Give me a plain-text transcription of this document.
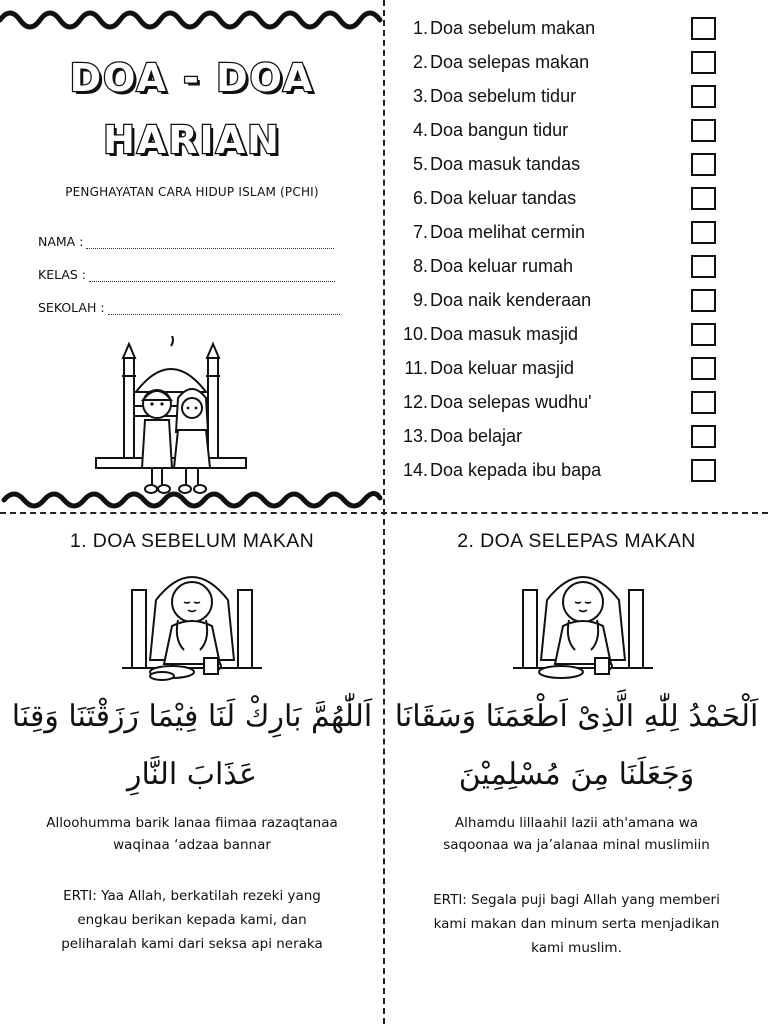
DOA - DOA
HARIAN
PENGHAYATAN CARA HIDUP ISLAM (PCHI)
NAMA :
KELAS :
SEKOLAH :
1. Doa sebelum makan
2. Doa selepas makan
3. Doa sebelum tidur
4. Doa bangun tidur
5. Doa masuk tandas
6. Doa keluar tandas
7. Doa melihat cermin
8. Doa keluar rumah
9. Doa naik kenderaan
10. Doa masuk masjid
11. Doa keluar masjid
12. Doa selepas wudhu'
13. Doa belajar
14. Doa kepada ibu bapa
1. DOA SEBELUM MAKAN
اَللّٰهُمَّ بَارِكْ لَنَا فِيْمَا رَزَقْتَنَا وَقِنَا
عَذَابَ النَّارِ
Alloohumma barik lanaa fiimaa razaqtanaa
waqinaa ‘adzaa bannar
ERTI: Yaa Allah, berkatilah rezeki yang
engkau berikan kepada kami, dan
peliharalah kami dari seksa api neraka
2. DOA SELEPAS MAKAN
اَلْحَمْدُ لِلّٰهِ الَّذِىْ اَطْعَمَنَا وَسَقَانَا
وَجَعَلَنَا مِنَ مُسْلِمِيْنَ
Alhamdu lillaahil lazii ath'amana wa
saqoonaa wa ja’alanaa minal muslimiin
ERTI: Segala puji bagi Allah yang memberi
kami makan dan minum serta menjadikan
kami muslim.
